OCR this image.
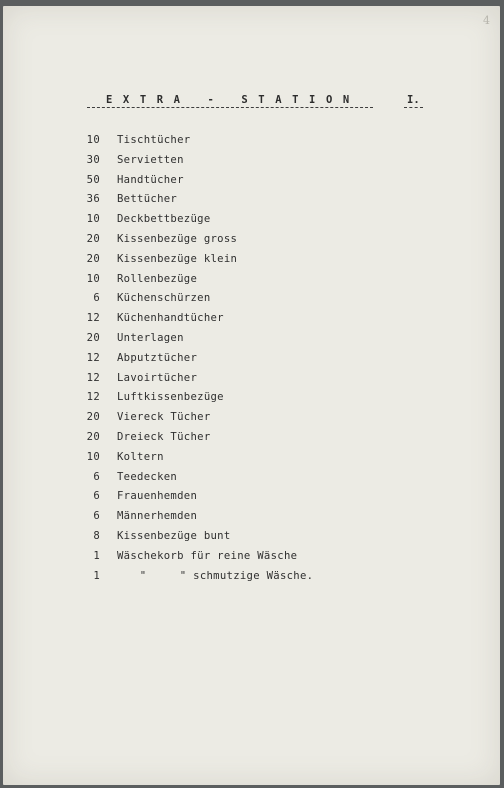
4
EXTRA - STATION	I.
10 Tischtücher
30 Servietten
50 Handtücher
36 Bettücher
10 Deckbettbezüge
20 Kissenbezüge gross
20 Kissenbezüge klein
10 Rollenbezüge
6 Küchenschürzen
12 Küchenhandtücher
20 Unterlagen
12 Abputztücher
12 Lavoirtücher
12 Luftkissenbezüge
20 Viereck Tücher
20 Dreieck Tücher
10 Koltern
6 Teedecken
6 Frauenhemden
6 Männerhemden
8 Kissenbezüge bunt
1 Wäschekorb für reine Wäsche
1 "     " schmutzige Wäsche.
